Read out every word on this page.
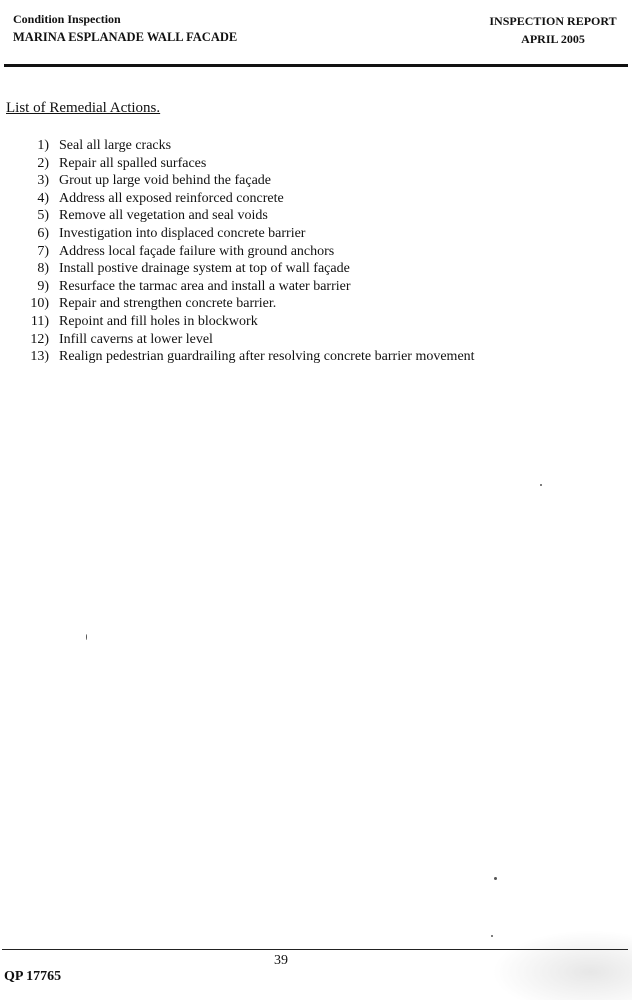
Condition Inspection
MARINA ESPLANADE WALL FACADE
INSPECTION REPORT
APRIL 2005
List of Remedial Actions.
1) Seal all large cracks
2) Repair all spalled surfaces
3) Grout up large void behind the façade
4) Address all exposed reinforced concrete
5) Remove all vegetation and seal voids
6) Investigation into displaced concrete barrier
7) Address local façade failure with ground anchors
8) Install postive drainage system at top of wall façade
9) Resurface the tarmac area and install a water barrier
10) Repair and strengthen concrete barrier.
11) Repoint and fill holes in blockwork
12) Infill caverns at lower level
13) Realign pedestrian guardrailing after resolving concrete barrier movement
39
QP 17765
